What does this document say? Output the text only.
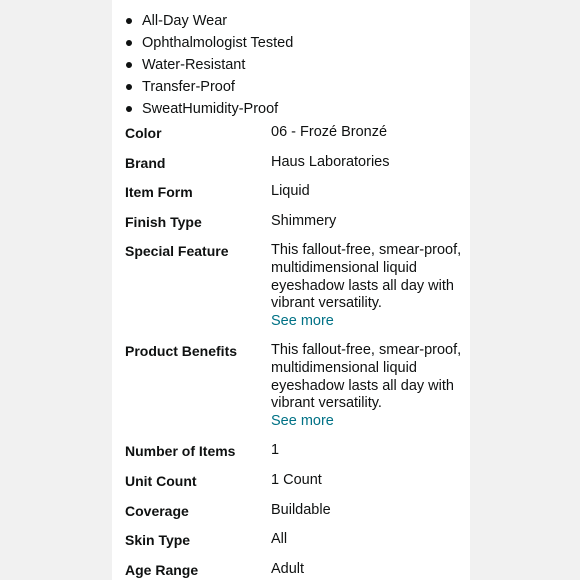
All-Day Wear
Ophthalmologist Tested
Water-Resistant
Transfer-Proof
SweatHumidity-Proof
Color	06 - Frozé Bronzé
Brand	Haus Laboratories
Item Form	Liquid
Finish Type	Shimmery
Special Feature	This fallout-free, smear-proof, multidimensional liquid eyeshadow lasts all day with vibrant versatility.
See more
Product Benefits	This fallout-free, smear-proof, multidimensional liquid eyeshadow lasts all day with vibrant versatility.
See more
Number of Items	1
Unit Count	1 Count
Coverage	Buildable
Skin Type	All
Age Range	Adult
